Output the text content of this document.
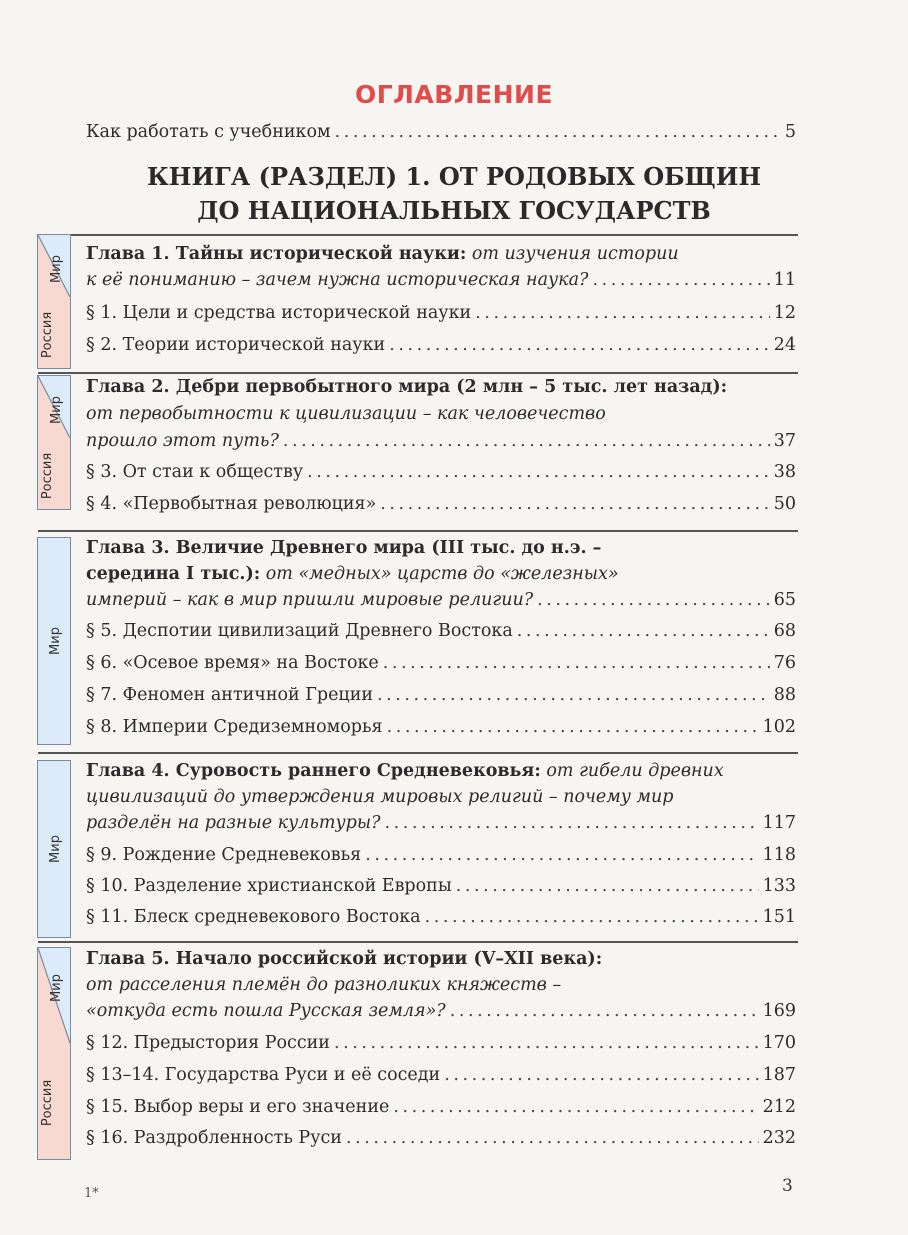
ОГЛАВЛЕНИЕ
Как работать с учебником . . .	5
КНИГА (РАЗДЕЛ) 1. ОТ РОДОВЫХ ОБЩИН
ДО НАЦИОНАЛЬНЫХ ГОСУДАРСТВ
Мир
Россия
Глава 1. Тайны исторической науки: от изучения истории
к её пониманию – зачем нужна историческая наука? . . .	11
§ 1. Цели и средства исторической науки . . .	12
§ 2. Теории исторической науки . . .	24
Мир
Россия
Глава 2. Дебри первобытного мира (2 млн – 5 тыс. лет назад):
от первобытности к цивилизации – как человечество
прошло этот путь? . . .	37
§ 3. От стаи к обществу . . .	38
§ 4. «Первобытная революция» . . .	50
Мир
Глава 3. Величие Древнего мира (III тыс. до н.э. –
середина I тыс.): от «медных» царств до «железных»
империй – как в мир пришли мировые религии? . . .	65
§ 5. Деспотии цивилизаций Древнего Востока . . .	68
§ 6. «Осевое время» на Востоке . . .	76
§ 7. Феномен античной Греции . . .	88
§ 8. Империи Средиземноморья . . .	102
Мир
Глава 4. Суровость раннего Средневековья: от гибели древних
цивилизаций до утверждения мировых религий – почему мир
разделён на разные культуры? . . .	117
§ 9. Рождение Средневековья . . .	118
§ 10. Разделение христианской Европы . . .	133
§ 11. Блеск средневекового Востока . . .	151
Мир
Россия
Глава 5. Начало российской истории (V–XII века):
от расселения племён до разноликих княжеств –
«откуда есть пошла Русская земля»? . . .	169
§ 12. Предыстория России . . .	170
§ 13–14. Государства Руси и её соседи . . .	187
§ 15. Выбор веры и его значение . . .	212
§ 16. Раздробленность Руси . . .	232
1*	3
